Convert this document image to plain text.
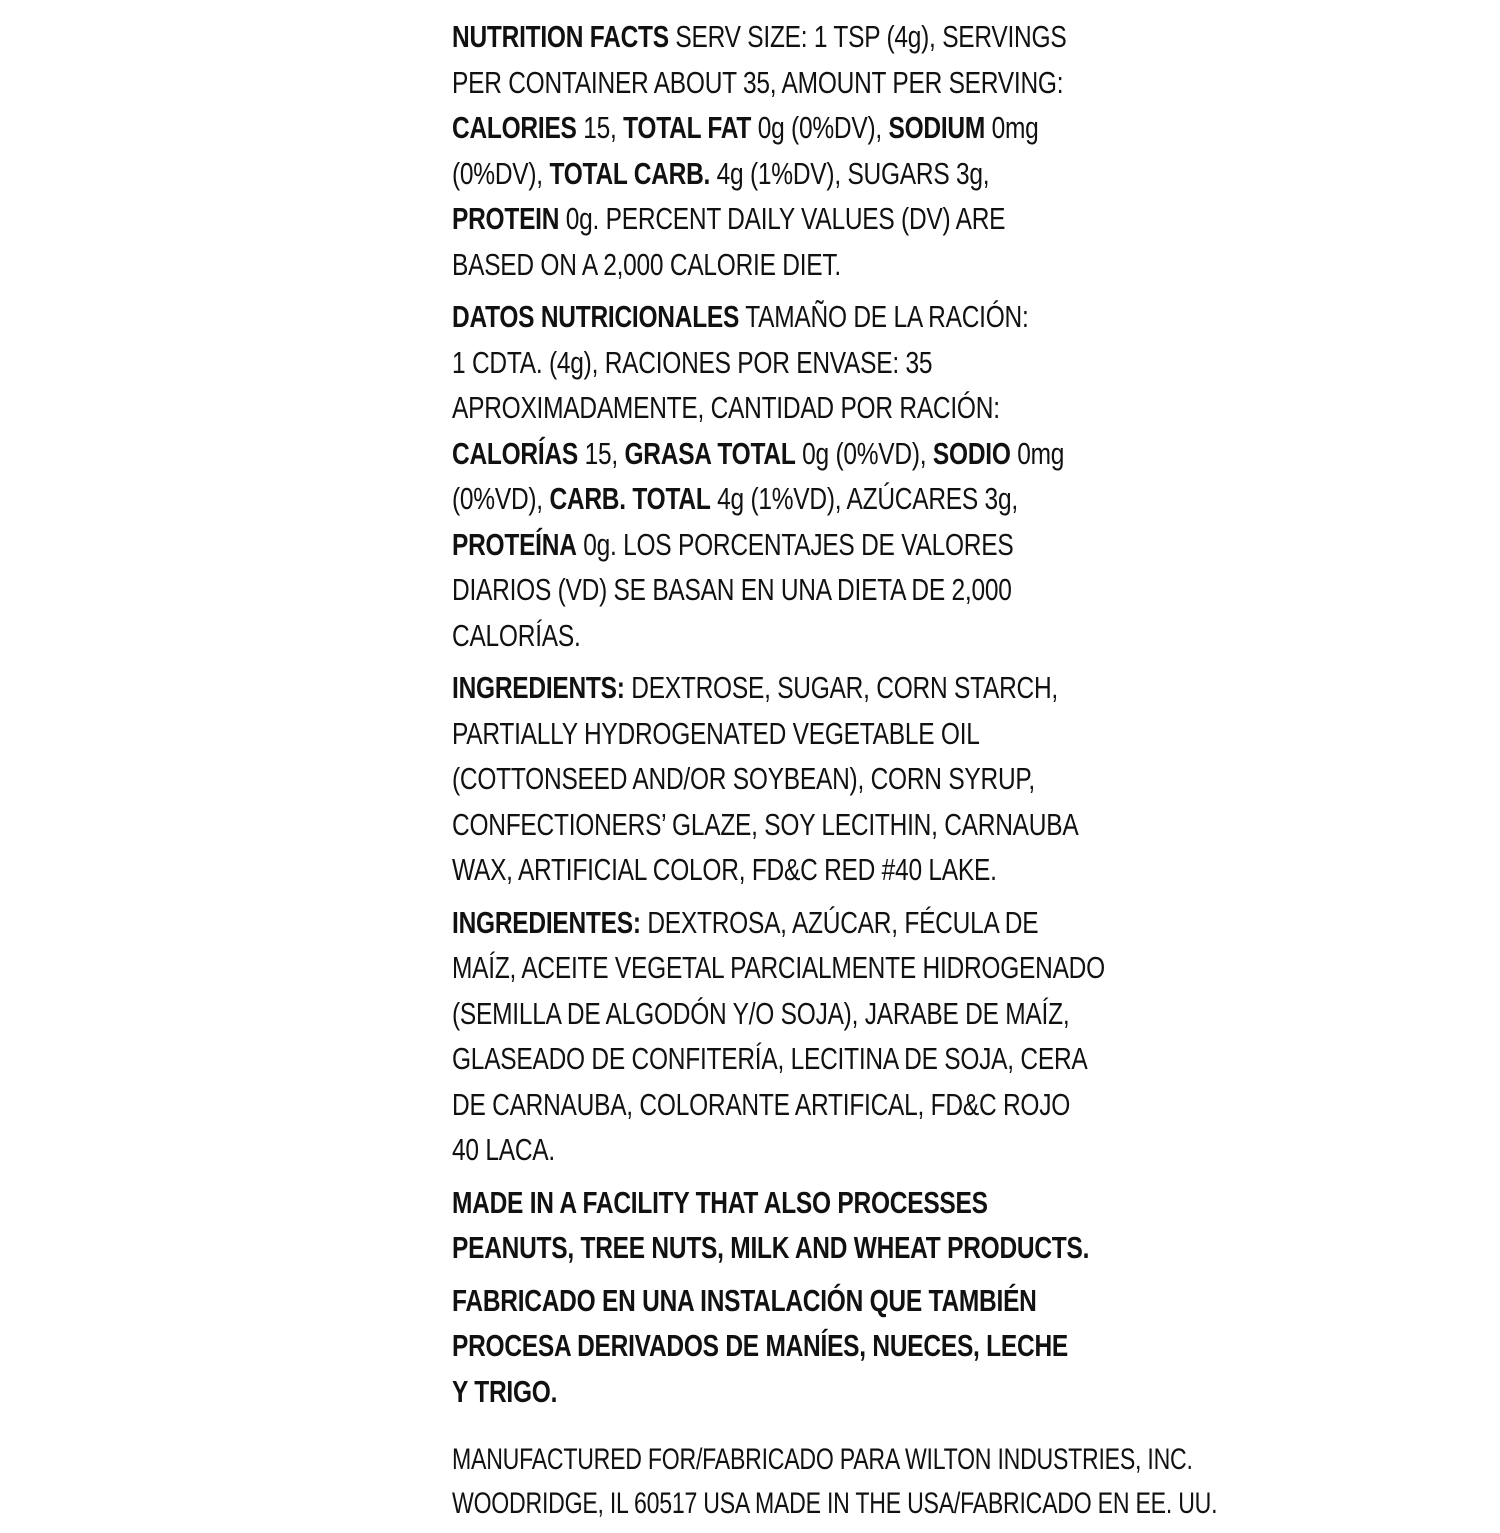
NUTRITION FACTS SERV SIZE: 1 TSP (4g), SERVINGS
PER CONTAINER ABOUT 35, AMOUNT PER SERVING:
CALORIES 15, TOTAL FAT 0g (0%DV), SODIUM 0mg
(0%DV), TOTAL CARB. 4g (1%DV), SUGARS 3g,
PROTEIN 0g. PERCENT DAILY VALUES (DV) ARE
BASED ON A 2,000 CALORIE DIET.
DATOS NUTRICIONALES TAMAÑO DE LA RACIÓN:
1 CDTA. (4g), RACIONES POR ENVASE: 35
APROXIMADAMENTE, CANTIDAD POR RACIÓN:
CALORÍAS 15, GRASA TOTAL 0g (0%VD), SODIO 0mg
(0%VD), CARB. TOTAL 4g (1%VD), AZÚCARES 3g,
PROTEÍNA 0g. LOS PORCENTAJES DE VALORES
DIARIOS (VD) SE BASAN EN UNA DIETA DE 2,000
CALORÍAS.
INGREDIENTS: DEXTROSE, SUGAR, CORN STARCH,
PARTIALLY HYDROGENATED VEGETABLE OIL
(COTTONSEED AND/OR SOYBEAN), CORN SYRUP,
CONFECTIONERS’ GLAZE, SOY LECITHIN, CARNAUBA
WAX, ARTIFICIAL COLOR, FD&C RED #40 LAKE.
INGREDIENTES: DEXTROSA, AZÚCAR, FÉCULA DE
MAÍZ, ACEITE VEGETAL PARCIALMENTE HIDROGENADO
(SEMILLA DE ALGODÓN Y/O SOJA), JARABE DE MAÍZ,
GLASEADO DE CONFITERÍA, LECITINA DE SOJA, CERA
DE CARNAUBA, COLORANTE ARTIFICAL, FD&C ROJO
40 LACA.
MADE IN A FACILITY THAT ALSO PROCESSES
PEANUTS, TREE NUTS, MILK AND WHEAT PRODUCTS.
FABRICADO EN UNA INSTALACIÓN QUE TAMBIÉN
PROCESA DERIVADOS DE MANÍES, NUECES, LECHE
Y TRIGO.
MANUFACTURED FOR/FABRICADO PARA WILTON INDUSTRIES, INC.
WOODRIDGE, IL 60517 USA MADE IN THE USA/FABRICADO EN EE. UU.
